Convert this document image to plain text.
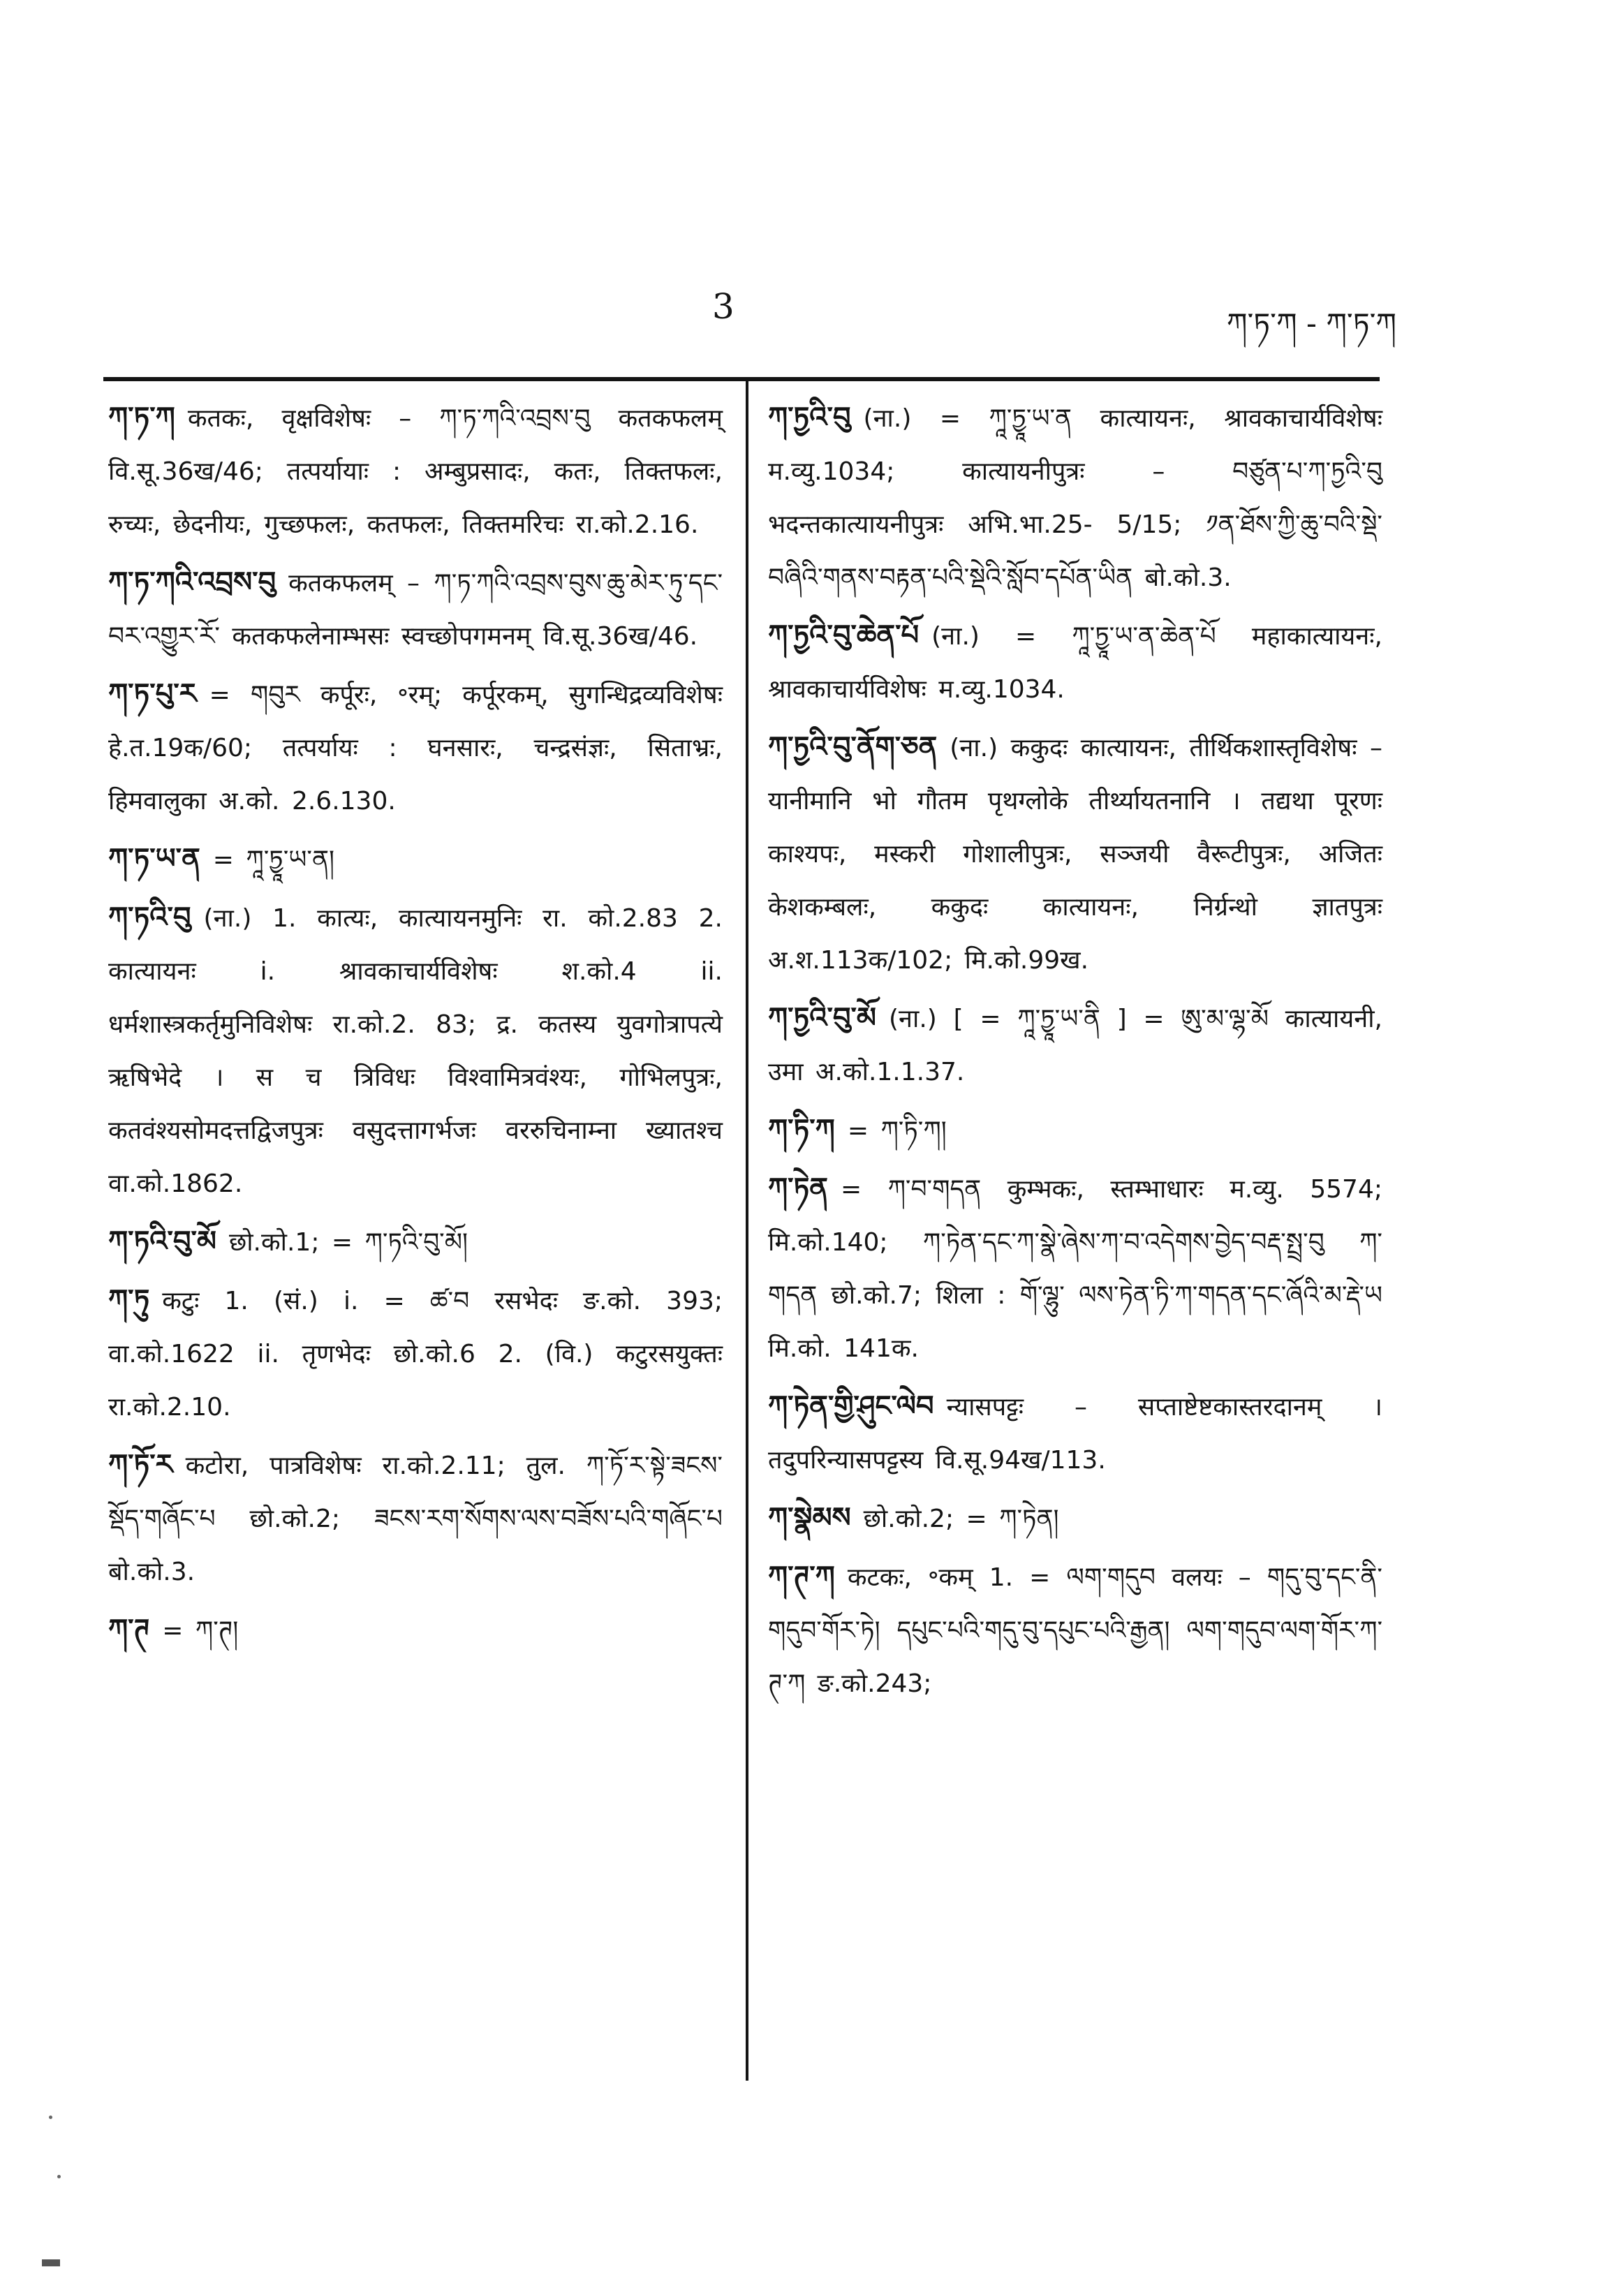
3	ཀ་ཏ་ཀ - ཀ་ཏ་ཀ
ཀ་ཏ་ཀ कतकः, वृक्षविशेषः – ཀ་ཏ་ཀའི་འབྲས་བུ कतकफलम् वि.सू.36ख/46; तत्पर्यायाः : अम्बुप्रसादः, कतः, तिक्तफलः, रुच्यः, छेदनीयः, गुच्छफलः, कतफलः, तिक्तमरिचः रा.को.2.16.
ཀ་ཏ་ཀའི་འབྲས་བུ कतकफलम् – ཀ་ཏ་ཀའི་འབྲས་བུས་ཆུ་མེར་ཏུ་དང་བར་འགྱུར་རོ་ कतकफलेनाम्भसः स्वच्छोपगमनम् वि.सू.36ख/46.
ཀ་ཏ་པུ་ར = གབུར कर्पूरः, ॰रम्; कर्पूरकम्, सुगन्धिद्रव्यविशेषः हे.त.19क/60; तत्पर्यायः : घनसारः, चन्द्रसंज्ञः, सिताभ्रः, हिमवालुका अ.को. 2.6.130.
ཀ་ཏ་ཡ་ན = ཀཱ་ཏྱཱ་ཡ་ན།
ཀ་ཏའི་བུ (ना.) 1. कात्यः, कात्यायनमुनिः रा. को.2.83 2. कात्यायनः i. श्रावकाचार्यविशेषः श.को.4 ii. धर्मशास्त्रकर्तृमुनिविशेषः रा.को.2. 83; द्र. कतस्य युवगोत्रापत्ये ऋषिभेदे । स च त्रिविधः विश्वामित्रवंश्यः, गोभिलपुत्रः, कतवंश्यसोमदत्तद्विजपुत्रः वसुदत्तागर्भजः वररुचिनाम्ना ख्यातश्च वा.को.1862.
ཀ་ཏའི་བུ་མོ छो.को.1; = ཀ་ཏའི་བུ་མོ།
ཀ་ཏུ कटुः 1. (सं.) i. = ཚ་བ रसभेदः ङ.को. 393; वा.को.1622 ii. तृणभेदः छो.को.6 2. (वि.) कटुरसयुक्तः रा.को.2.10.
ཀ་ཏོ་ར कटोरा, पात्रविशेषः रा.को.2.11; तुल. ཀ་ཏོ་ར་སྟེ་ཟངས་སྡོད་གཞོང་པ छो.को.2; ཟངས་རག་སོགས་ལས་བཟོས་པའི་གཞོང་པ बो.को.3.
ཀ་ཊ = ཀ་ཊ།
ཀ་ཏྱའི་བུ (ना.) = ཀཱ་ཏྱཱ་ཡ་ན कात्यायनः, श्रावकाचार्यविशेषः म.व्यु.1034; कात्यायनीपुत्रः – བཙུན་པ་ཀ་ཏྱའི་བུ भदन्तकात्यायनीपुत्रः अभि.भा.25- 5/15; ༡ན་ཐོས་ཀྱི་ཆུ་བའི་སྡེ་བཞིའི་གནས་བརྟན་པའི་སྡེའི་སློབ་དཔོན་ཡིན बो.को.3.
ཀ་ཏྱའི་བུ་ཆེན་པོ (ना.) = ཀཱ་ཏྱཱ་ཡ་ན་ཆེན་པོ महाकात्यायनः, श्रावकाचार्यविशेषः म.व्यु.1034.
ཀ་ཏྱའི་བུ་ནོག་ཅན (ना.) ककुदः कात्यायनः, तीर्थिकशास्तृविशेषः – यानीमानि भो गौतम पृथग्लोके तीर्थ्यायतनानि । तद्यथा पूरणः काश्यपः, मस्करी गोशालीपुत्रः, सञ्जयी वैरूटीपुत्रः, अजितः केशकम्बलः, ककुदः कात्यायनः, निर्ग्रन्थो ज्ञातपुत्रः अ.श.113क/102; मि.को.99ख.
ཀ་ཏྱའི་བུ་མོ (ना.) [ = ཀཱ་ཏྱཱ་ཡ་ནི ] = ཨུ་མ་ལྷ་མོ कात्यायनी, उमा अ.को.1.1.37.
ཀ་ཏི་ཀ = ཀ་ཏི་ཀ།
ཀ་ཏེན = ཀ་བ་གདན कुम्भकः, स्तम्भाधारः म.व्यु. 5574; मि.को.140; ཀ་ཏེན་དང་ཀ་སྣེ་ཞེས་ཀ་བ་འདེགས་བྱེད་བརྡ་སྤྲ་བུ ཀ་གདན छो.को.7; शिला : གོ་ལྷུ་ ལས་ཏེན་ཏི་ཀ་གདན་དང་ཞོའི་མ་རྡེ་ཡ मि.को. 141क.
ཀ་ཏེན་གྱི་ཤུང་ལེབ न्यासपट्टः – सप्ताष्टेष्टकास्तरदानम् । तदुपरिन्यासपट्टस्य वि.सू.94ख/113.
ཀ་སྣེམས छो.को.2; = ཀ་ཏེན།
ཀ་ཊ་ཀ कटकः, ॰कम् 1. = ལག་གདུབ वलयः – གདུ་བུ་དང་ནི་གདུབ་གོར་ཏེ། དཔུང་པའི་གདུ་བུ་དཔུང་པའི་རྒྱན། ལག་གདུབ་ལག་གོར་ཀ་ཊ་ཀ ङ.को.243;
